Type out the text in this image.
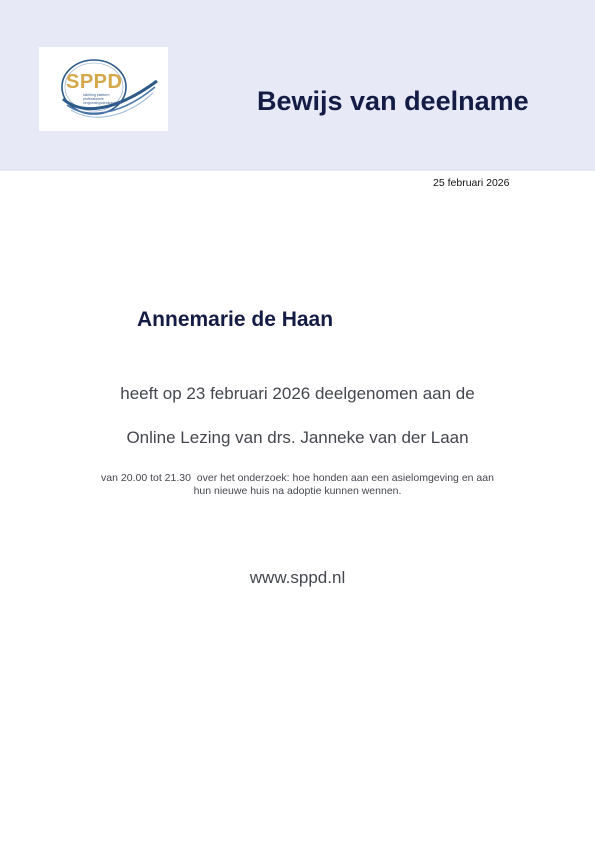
SPPD
stichting platform professionele vergunningsdeskundigen	Bewijs van deelname
25 februari 2026
Annemarie de Haan
heeft op 23 februari 2026 deelgenomen aan de
Online Lezing van drs. Janneke van der Laan
van 20.00 tot 21.30  over het onderzoek: hoe honden aan een asielomgeving en aan
hun nieuwe huis na adoptie kunnen wennen.
www.sppd.nl
